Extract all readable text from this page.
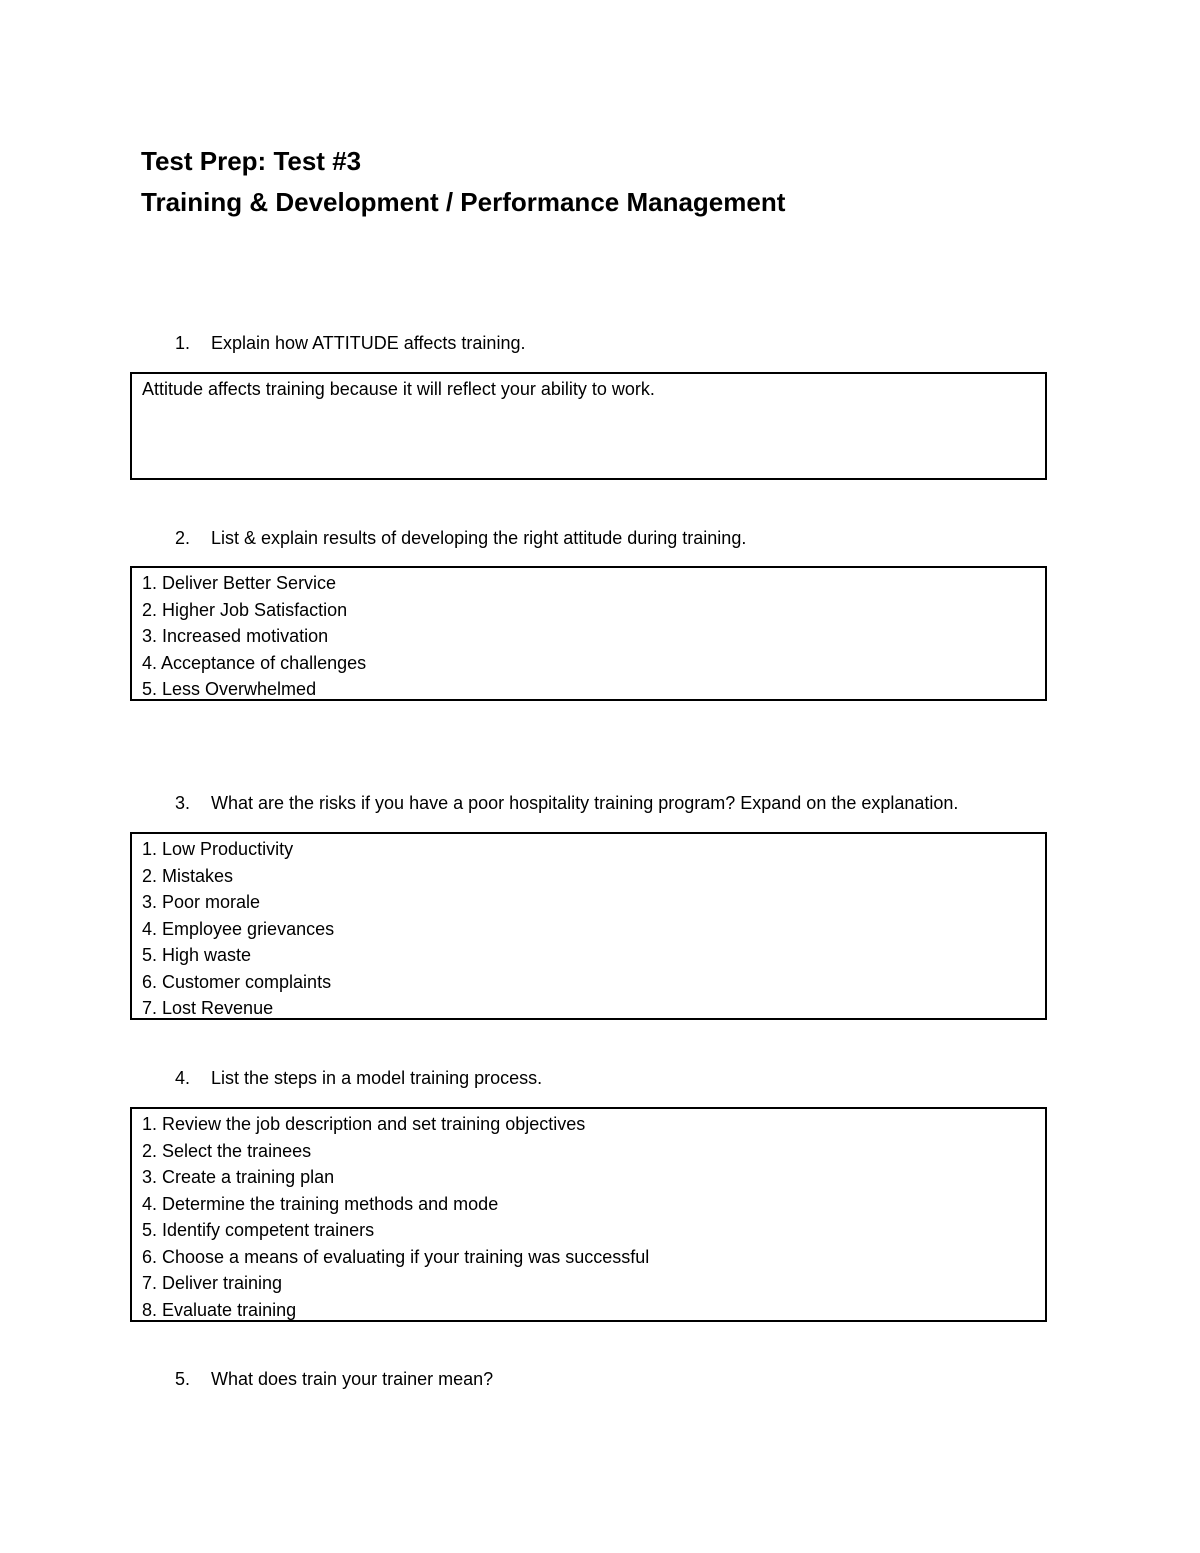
Test Prep: Test #3
Training & Development / Performance Management
1. Explain how ATTITUDE affects training.
Attitude affects training because it will reflect your ability to work.
2. List & explain results of developing the right attitude during training.
1. Deliver Better Service
2. Higher Job Satisfaction
3. Increased motivation
4. Acceptance of challenges
5. Less Overwhelmed
3. What are the risks if you have a poor hospitality training program? Expand on the explanation.
1. Low Productivity
2. Mistakes
3. Poor morale
4. Employee grievances
5. High waste
6. Customer complaints
7. Lost Revenue
4. List the steps in a model training process.
1. Review the job description and set training objectives
2. Select the trainees
3. Create a training plan
4. Determine the training methods and mode
5. Identify competent trainers
6. Choose a means of evaluating if your training was successful
7. Deliver training
8. Evaluate training
5. What does train your trainer mean?
